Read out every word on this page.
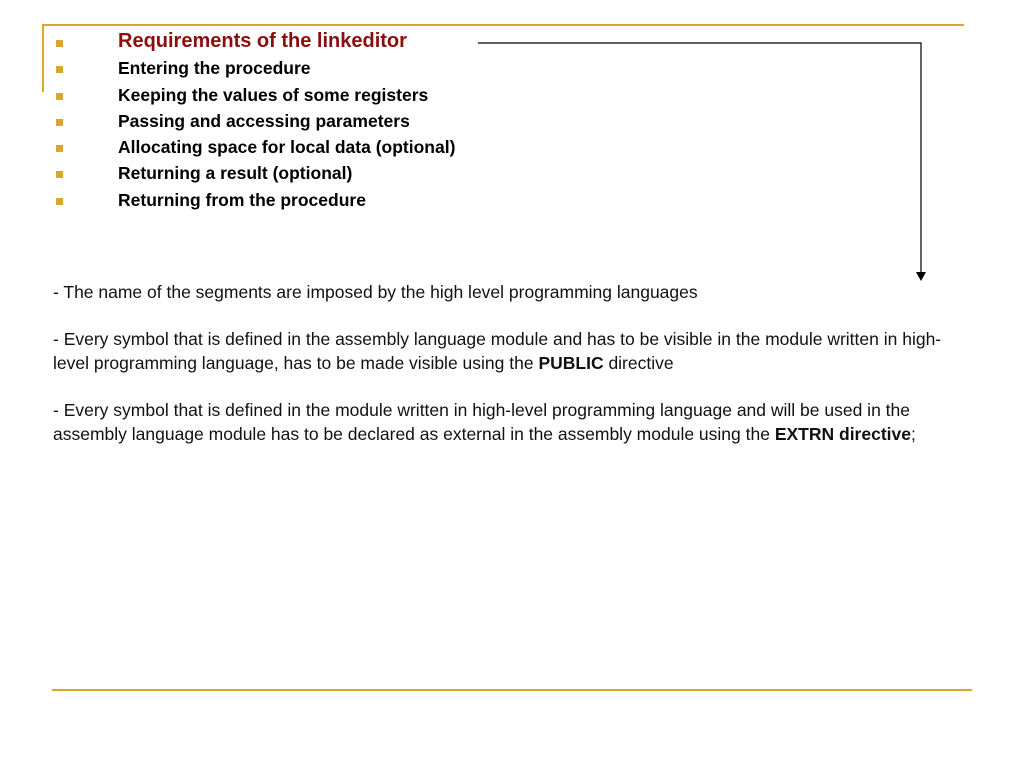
Requirements of the linkeditor
Entering the procedure
Keeping the values of some registers
Passing and accessing parameters
Allocating space for local data (optional)
Returning a result (optional)
Returning from the procedure

- The name of the segments are imposed by the high level programming languages

- Every symbol that is defined in the assembly language module and has to be visible in the module written in high-level programming language, has to be made visible using the PUBLIC directive

- Every symbol that is defined in the module written in high-level programming language and will be used in the assembly language module has to be declared as external in the assembly module using the EXTRN directive;
